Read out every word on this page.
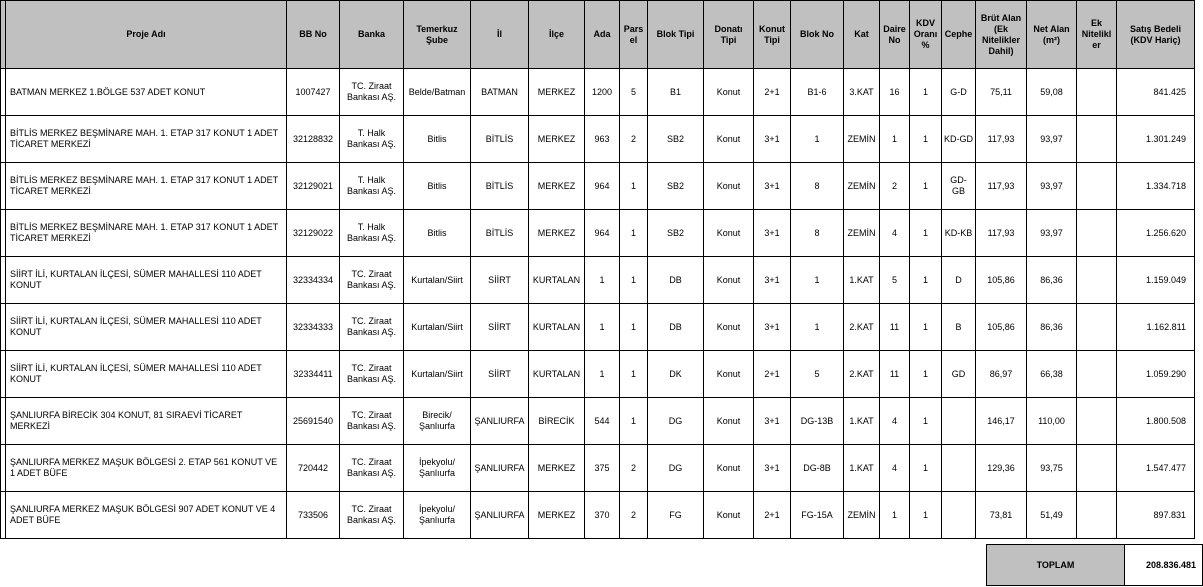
	Proje Adı	BB No	Banka	Temerkuz Şube	İl	İlçe	Ada	Pars el	Blok Tipi	Donatı Tipi	Konut Tipi	Blok No	Kat	Daire No	KDV Oranı %	Cephe	Brüt Alan (Ek Nitelikler Dahil)	Net Alan (m²)	Ek Nitelikl er	Satış Bedeli (KDV Hariç)
	BATMAN MERKEZ 1.BÖLGE 537 ADET KONUT	1007427	TC. Ziraat Bankası AŞ.	Belde/Batman	BATMAN	MERKEZ	1200	5	B1	Konut	2+1	B1-6	3.KAT	16	1	G-D	75,11	59,08		841.425
	BİTLİS MERKEZ BEŞMİNARE MAH. 1. ETAP 317 KONUT 1 ADET TİCARET MERKEZİ	32128832	T. Halk Bankası AŞ.	Bitlis	BİTLİS	MERKEZ	963	2	SB2	Konut	3+1	1	ZEMİN	1	1	KD-GD	117,93	93,97		1.301.249
	BİTLİS MERKEZ BEŞMİNARE MAH. 1. ETAP 317 KONUT 1 ADET TİCARET MERKEZİ	32129021	T. Halk Bankası AŞ.	Bitlis	BİTLİS	MERKEZ	964	1	SB2	Konut	3+1	8	ZEMİN	2	1	GD-GB	117,93	93,97		1.334.718
	BİTLİS MERKEZ BEŞMİNARE MAH. 1. ETAP 317 KONUT 1 ADET TİCARET MERKEZİ	32129022	T. Halk Bankası AŞ.	Bitlis	BİTLİS	MERKEZ	964	1	SB2	Konut	3+1	8	ZEMİN	4	1	KD-KB	117,93	93,97		1.256.620
	SİİRT İLİ, KURTALAN İLÇESİ, SÜMER MAHALLESİ 110 ADET KONUT	32334334	TC. Ziraat Bankası AŞ.	Kurtalan/Siirt	SİİRT	KURTALAN	1	1	DB	Konut	3+1	1	1.KAT	5	1	D	105,86	86,36		1.159.049
	SİİRT İLİ, KURTALAN İLÇESİ, SÜMER MAHALLESİ 110 ADET KONUT	32334333	TC. Ziraat Bankası AŞ.	Kurtalan/Siirt	SİİRT	KURTALAN	1	1	DB	Konut	3+1	1	2.KAT	11	1	B	105,86	86,36		1.162.811
	SİİRT İLİ, KURTALAN İLÇESİ, SÜMER MAHALLESİ 110 ADET KONUT	32334411	TC. Ziraat Bankası AŞ.	Kurtalan/Siirt	SİİRT	KURTALAN	1	1	DK	Konut	2+1	5	2.KAT	11	1	GD	86,97	66,38		1.059.290
	ŞANLIURFA BİRECİK 304 KONUT, 81 SIRAEVİ TİCARET MERKEZİ	25691540	TC. Ziraat Bankası AŞ.	Birecik/Şanlıurfa	ŞANLIURFA	BİRECİK	544	1	DG	Konut	3+1	DG-13B	1.KAT	4	1		146,17	110,00		1.800.508
	ŞANLIURFA MERKEZ MAŞUK BÖLGESİ 2. ETAP 561 KONUT VE 1 ADET BÜFE	720442	TC. Ziraat Bankası AŞ.	İpekyolu/Şanlıurfa	ŞANLIURFA	MERKEZ	375	2	DG	Konut	3+1	DG-8B	1.KAT	4	1		129,36	93,75		1.547.477
	ŞANLIURFA MERKEZ MAŞUK BÖLGESİ 907 ADET KONUT VE 4 ADET BÜFE	733506	TC. Ziraat Bankası AŞ.	İpekyolu/Şanlıurfa	ŞANLIURFA	MERKEZ	370	2	FG	Konut	2+1	FG-15A	ZEMİN	1	1		73,81	51,49		897.831
TOPLAM	208.836.481
